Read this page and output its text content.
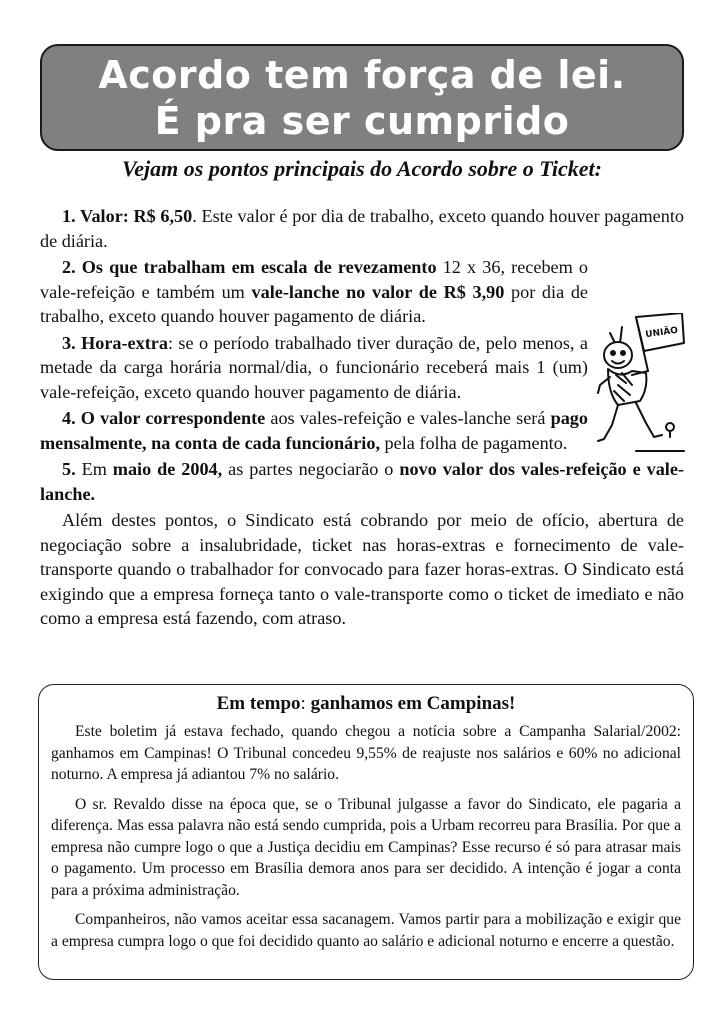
Acordo tem força de lei.
É pra ser cumprido
Vejam os pontos principais do Acordo sobre o Ticket:

1. Valor: R$ 6,50. Este valor é por dia de trabalho, exceto quando houver pagamento de diária.

2. Os que trabalham em escala de revezamento 12 x 36, recebem o vale-refeição e também um vale-lanche no valor de R$ 3,90 por dia de trabalho, exceto quando houver pagamento de diária.

3. Hora-extra: se o período trabalhado tiver duração de, pelo menos, a metade da carga horária normal/dia, o funcionário receberá mais 1 (um) vale-refeição, exceto quando houver pagamento de diária.

4. O valor correspondente aos vales-refeição e vales-lanche será pago mensalmente, na conta de cada funcionário, pela folha de pagamento.

5. Em maio de 2004, as partes negociarão o novo valor dos vales-refeição e vale-lanche.

Além destes pontos, o Sindicato está cobrando por meio de ofício, abertura de negociação sobre a insalubridade, ticket nas horas-extras e fornecimento de vale-transporte quando o trabalhador for convocado para fazer horas-extras. O Sindicato está exigindo que a empresa forneça tanto o vale-transporte como o ticket de imediato e não como a empresa está fazendo, com atraso.

UNIÃO
Em tempo: ganhamos em Campinas!

Este boletim já estava fechado, quando chegou a notícia sobre a Campanha Salarial/2002: ganhamos em Campinas! O Tribunal concedeu 9,55% de reajuste nos salários e 60% no adicional noturno. A empresa já adiantou 7% no salário.

O sr. Revaldo disse na época que, se o Tribunal julgasse a favor do Sindicato, ele pagaria a diferença. Mas essa palavra não está sendo cumprida, pois a Urbam recorreu para Brasília. Por que a empresa não cumpre logo o que a Justiça decidiu em Campinas? Esse recurso é só para atrasar mais o pagamento. Um processo em Brasília demora anos para ser decidido. A intenção é jogar a conta para a próxima administração.

Companheiros, não vamos aceitar essa sacanagem. Vamos partir para a mobilização e exigir que a empresa cumpra logo o que foi decidido quanto ao salário e adicional noturno e encerre a questão.
